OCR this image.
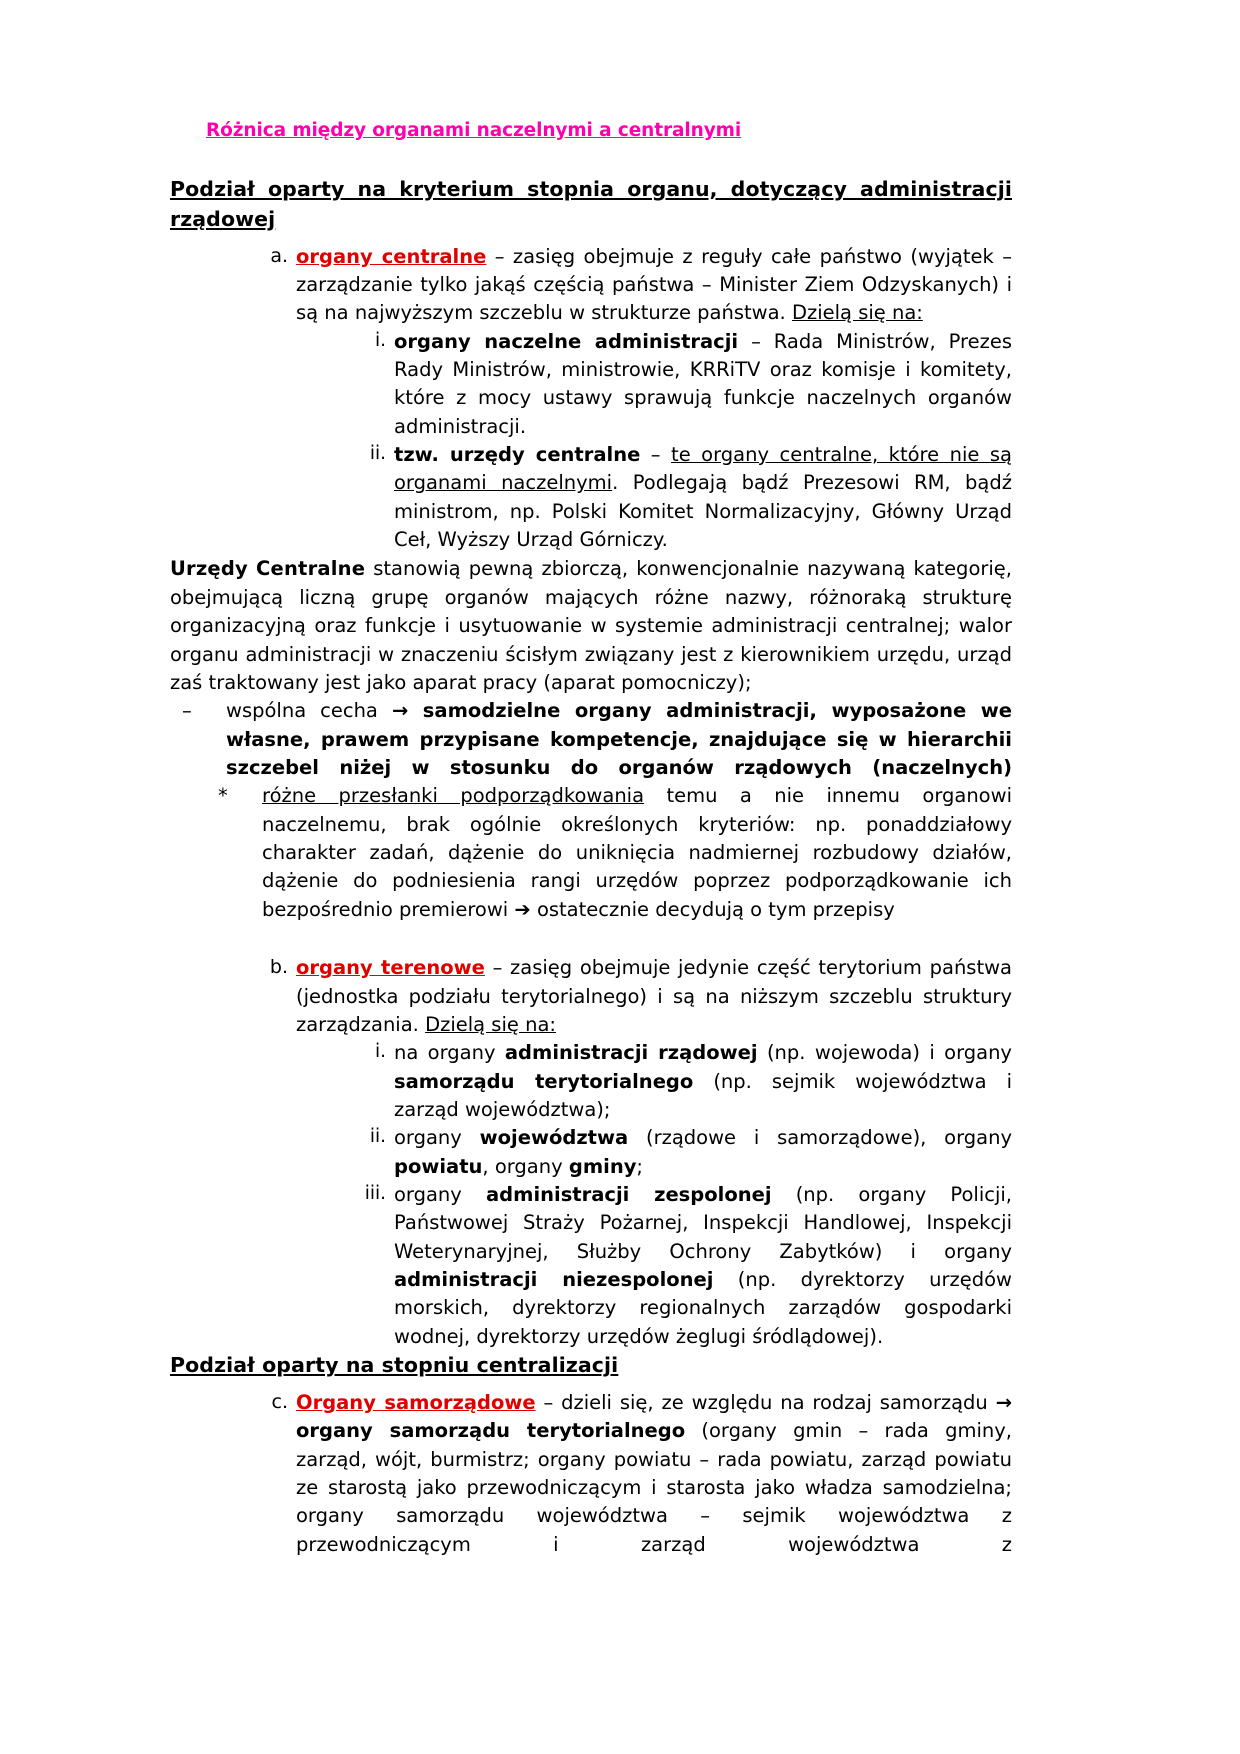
Różnica między organami naczelnymi a centralnymi
Podział oparty na kryterium stopnia organu, dotyczący administracji rządowej
a. organy centralne – zasięg obejmuje z reguły całe państwo (wyjątek – zarządzanie tylko jakąś częścią państwa – Minister Ziem Odzyskanych) i są na najwyższym szczeblu w strukturze państwa. Dzielą się na:
i. organy naczelne administracji – Rada Ministrów, Prezes Rady Ministrów, ministrowie, KRRiTV oraz komisje i komitety, które z mocy ustawy sprawują funkcje naczelnych organów administracji.
ii. tzw. urzędy centralne – te organy centralne, które nie są organami naczelnymi. Podlegają bądź Prezesowi RM, bądź ministrom, np. Polski Komitet Normalizacyjny, Główny Urząd Ceł, Wyższy Urząd Górniczy.
Urzędy Centralne stanowią pewną zbiorczą, konwencjonalnie nazywaną kategorię, obejmującą liczną grupę organów mających różne nazwy, różnoraką strukturę organizacyjną oraz funkcje i usytuowanie w systemie administracji centralnej; walor organu administracji w znaczeniu ścisłym związany jest z kierownikiem urzędu, urząd zaś traktowany jest jako aparat pracy (aparat pomocniczy);
–	wspólna cecha → samodzielne organy administracji, wyposażone we własne, prawem przypisane kompetencje, znajdujące się w hierarchii szczebel niżej w stosunku do organów rządowych (naczelnych)
*	różne przesłanki podporządkowania temu a nie innemu organowi naczelnemu, brak ogólnie określonych kryteriów: np. ponaddziałowy charakter zadań, dążenie do uniknięcia nadmiernej rozbudowy działów, dążenie do podniesienia rangi urzędów poprzez podporządkowanie ich bezpośrednio premierowi ➔ ostatecznie decydują o tym przepisy
b. organy terenowe – zasięg obejmuje jedynie część terytorium państwa (jednostka podziału terytorialnego) i są na niższym szczeblu struktury zarządzania. Dzielą się na:
i. na organy administracji rządowej (np. wojewoda) i organy samorządu terytorialnego (np. sejmik województwa i zarząd województwa);
ii. organy województwa (rządowe i samorządowe), organy powiatu, organy gminy;
iii. organy administracji zespolonej (np. organy Policji, Państwowej Straży Pożarnej, Inspekcji Handlowej, Inspekcji Weterynaryjnej, Służby Ochrony Zabytków) i organy administracji niezespolonej (np. dyrektorzy urzędów morskich, dyrektorzy regionalnych zarządów gospodarki wodnej, dyrektorzy urzędów żeglugi śródlądowej).
Podział oparty na stopniu centralizacji
c. Organy samorządowe – dzieli się, ze względu na rodzaj samorządu → organy samorządu terytorialnego (organy gmin – rada gminy, zarząd, wójt, burmistrz; organy powiatu – rada powiatu, zarząd powiatu ze starostą jako przewodniczącym i starosta jako władza samodzielna; organy samorządu województwa – sejmik województwa z przewodniczącym i zarząd województwa z
